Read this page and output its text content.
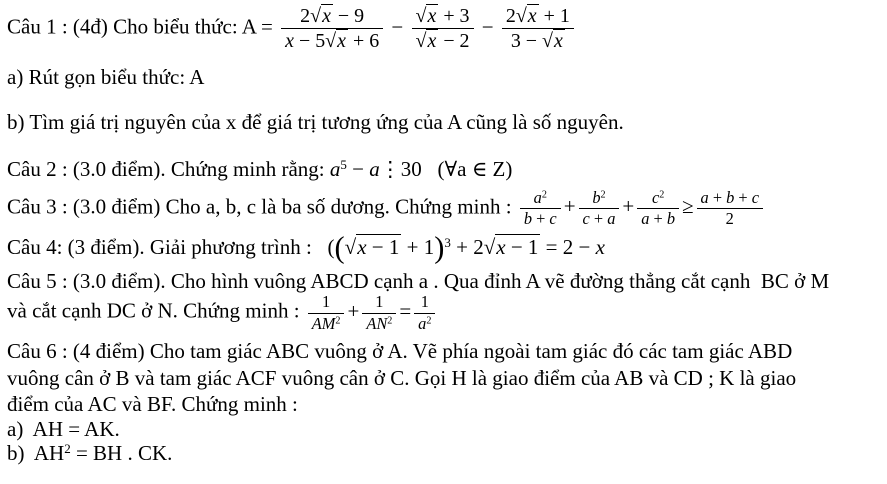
Câu 1 : (4đ) Cho biểu thức: $A = \frac{2√x - 9}{x - 5√x + 6} - \frac{√x + 3}{√x - 2} - \frac{2√x + 1}{3 - √x}$
a) Rút gọn biểu thức: A
b) Tìm giá trị nguyên của x để giá trị tương ứng của A cũng là số nguyên.
Câu 2 : (3.0 điểm). Chứng minh rằng: $a^5$ − a⋮30   (∀a ∈ Z)
Câu 3 : (3.0 điểm) Cho a, b, c là ba số dương. Chứng minh : $\frac{a^2}{b + c} + \frac{b^2}{c + a} + \frac{c^2}{a + b} \ge \frac{a + b + c}{2}$
Câu 4: (3 điểm). Giải phương trình :   ($(√x - 1 + 1)^3 + 2√x - 1 = 2 - x$
Câu 5 : (3.0 điểm). Cho hình vuông ABCD cạnh a . Qua đỉnh A vẽ đường thẳng cắt cạnh  BC ở M
và cắt cạnh DC ở N. Chứng minh : $\frac{1}{AM^2} + \frac{1}{AN^2} = \frac{1}{a^2}$
Câu 6 : (4 điểm) Cho tam giác ABC vuông ở A. Vẽ phía ngoài tam giác đó các tam giác ABD
vuông cân ở B và tam giác ACF vuông cân ở C. Gọi H là giao điểm của AB và CD ; K là giao
điểm của AC và BF. Chứng minh :
a)  AH = AK.
b)  $AH^2$ = BH . CK.
